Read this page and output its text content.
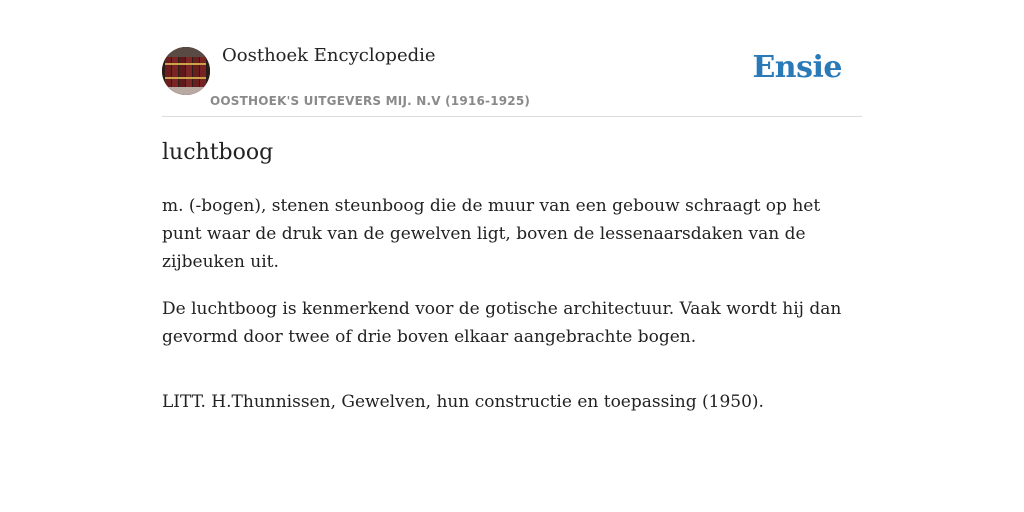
Oosthoek Encyclopedie
OOSTHOEK'S UITGEVERS MIJ. N.V (1916-1925)
Ensie
luchtboog

m. (-bogen), stenen steunboog die de muur van een gebouw schraagt op het punt waar de druk van de gewelven ligt, boven de lessenaarsdaken van de zijbeuken uit.

De luchtboog is kenmerkend voor de gotische architectuur. Vaak wordt hij dan gevormd door twee of drie boven elkaar aangebrachte bogen.

LITT. H.Thunnissen, Gewelven, hun constructie en toepassing (1950).
